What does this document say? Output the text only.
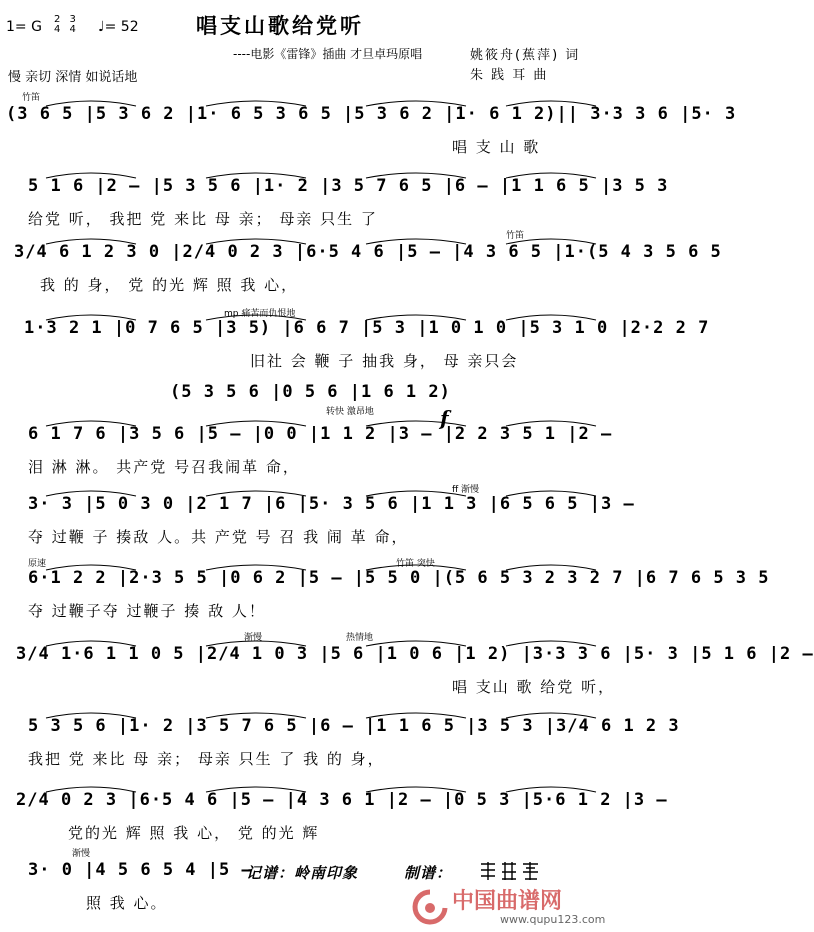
1= G 2
4 3
4 ♩= 52	唱支山歌给党听
----电影《雷锋》插曲 才旦卓玛原唱	姚筱舟(蕉萍) 词
朱 践 耳 曲
慢 亲切 深情 如说话地
(3 6 5 |5 3 6 2 |1· 6 5 3 6 5 |5 3 6 2 |1· 6 1 2)|| 3·3 3 6 |5· 3
唱 支 山 歌
竹笛
5 1 6 |2 – |5 3 5 6 |1· 2 |3 5 7 6 5 |6 – |1 1 6 5 |3 5 3
给党 听， 我把 党 来比 母 亲； 母亲 只生 了
3/4 6 1 2 3 0 |2/4 0 2 3 |6·5 4 6 |5 – |4 3 6 5 |1·(5 4 3 5 6 5
我 的 身， 党 的光 辉 照 我 心，
竹笛
1·3 2 1 |0 7 6 5 |3 5) |6 6 7 |5 3 |1 0 1 0 |5 3 1 0 |2·2 2 7
旧社 会 鞭 子 抽我 身， 母 亲只会
mp 痛苦而仇恨地
(5 3 5 6 |0 5 6 |1 6 1 2)
转快 激昂地
6 1 7 6 |3 5 6 |5 – |0 0 |1 1 2 |3 – |2 2 3 5 1 |2 –
泪 淋 淋。 共产党 号召我闹革 命，
f
3· 3 |5 0 3 0 |2 1 7 |6 |5· 3 5 6 |1 1 3 |6 5 6 5 |3 –
夺 过鞭 子 揍敌 人。共 产党 号 召 我 闹 革 命，
ff 渐慢
6·1 2 2 |2·3 5 5 |0 6 2 |5 – |5 5 0 |(5 6 5 3 2 3 2 7 |6 7 6 5 3 5
夺 过鞭子夺 过鞭子 揍 敌 人！
原速	竹笛 突快
3/4 1·6 1 1 0 5 |2/4 1 0 3 |5 6 |1 0 6 |1 2) |3·3 3 6 |5· 3 |5 1 6 |2 –
唱 支山 歌 给党 听，
渐慢	热情地
5 3 5 6 |1· 2 |3 5 7 6 5 |6 – |1 1 6 5 |3 5 3 |3/4 6 1 2 3
我把 党 来比 母 亲； 母亲 只生 了 我 的 身，
2/4 0 2 3 |6·5 4 6 |5 – |4 3 6 1 |2 – |0 5 3 |5·6 1 2 |3 –
党的光 辉 照 我 心， 党 的光 辉
3· 0 |4 5 6 5 4 |5 –
照 我 心。
渐慢
记谱：岭南印象	制谱：
中国曲谱网
www.qupu123.com
